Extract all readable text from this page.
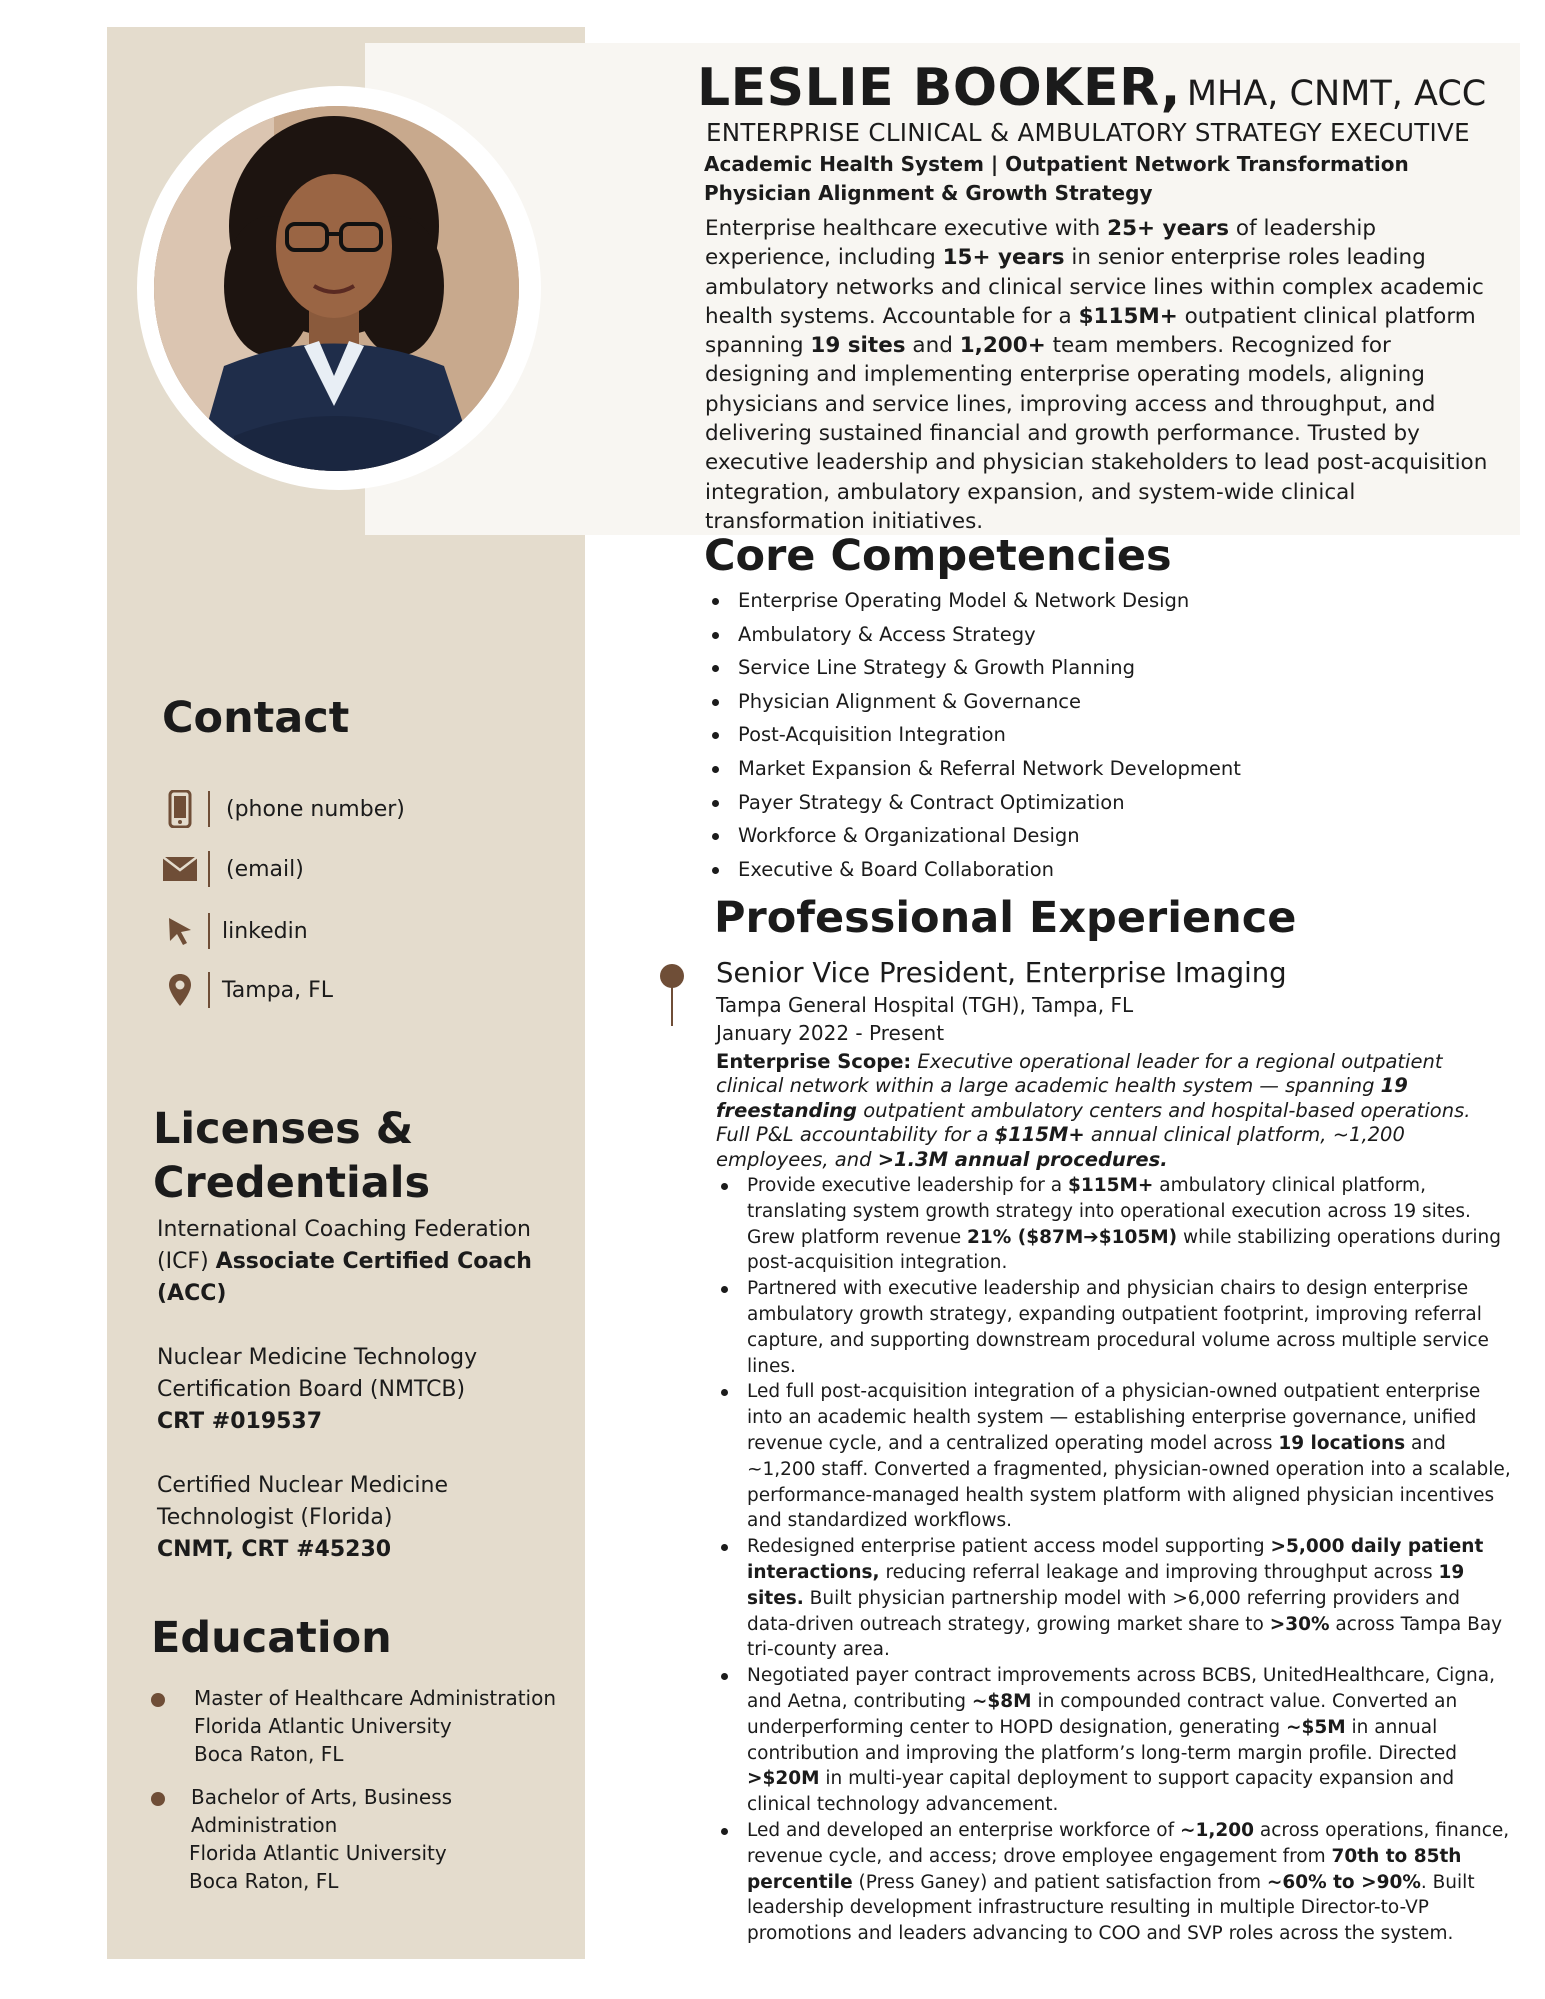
LESLIE BOOKER, MHA, CNMT, ACC
ENTERPRISE CLINICAL & AMBULATORY STRATEGY EXECUTIVE
Academic Health System | Outpatient Network Transformation
Physician Alignment & Growth Strategy
Enterprise healthcare executive with 25+ years of leadership experience, including 15+ years in senior enterprise roles leading ambulatory networks and clinical service lines within complex academic health systems. Accountable for a $115M+ outpatient clinical platform spanning 19 sites and 1,200+ team members. Recognized for designing and implementing enterprise operating models, aligning physicians and service lines, improving access and throughput, and delivering sustained financial and growth performance. Trusted by executive leadership and physician stakeholders to lead post-acquisition integration, ambulatory expansion, and system-wide clinical transformation initiatives.
Core Competencies
Enterprise Operating Model & Network Design
Ambulatory & Access Strategy
Service Line Strategy & Growth Planning
Physician Alignment & Governance
Post-Acquisition Integration
Market Expansion & Referral Network Development
Payer Strategy & Contract Optimization
Workforce & Organizational Design
Executive & Board Collaboration
Contact
(phone number)
(email)
linkedin
Tampa, FL
Licenses &
Credentials
International Coaching Federation (ICF) Associate Certified Coach (ACC)
Nuclear Medicine Technology Certification Board (NMTCB)
CRT #019537
Certified Nuclear Medicine Technologist (Florida)
CNMT, CRT #45230
Education
Master of Healthcare Administration
Florida Atlantic University
Boca Raton, FL
Bachelor of Arts, Business
Administration
Florida Atlantic University
Boca Raton, FL
Professional Experience
Senior Vice President, Enterprise Imaging
Tampa General Hospital (TGH), Tampa, FL
January 2022 - Present
Enterprise Scope: Executive operational leader for a regional outpatient clinical network within a large academic health system — spanning 19 freestanding outpatient ambulatory centers and hospital-based operations. Full P&L accountability for a $115M+ annual clinical platform, ~1,200 employees, and >1.3M annual procedures.
Provide executive leadership for a $115M+ ambulatory clinical platform, translating system growth strategy into operational execution across 19 sites. Grew platform revenue 21% ($87M➔$105M) while stabilizing operations during post-acquisition integration.
Partnered with executive leadership and physician chairs to design enterprise ambulatory growth strategy, expanding outpatient footprint, improving referral capture, and supporting downstream procedural volume across multiple service lines.
Led full post-acquisition integration of a physician-owned outpatient enterprise into an academic health system — establishing enterprise governance, unified revenue cycle, and a centralized operating model across 19 locations and ~1,200 staff. Converted a fragmented, physician-owned operation into a scalable, performance-managed health system platform with aligned physician incentives and standardized workflows.
Redesigned enterprise patient access model supporting >5,000 daily patient interactions, reducing referral leakage and improving throughput across 19 sites. Built physician partnership model with >6,000 referring providers and data-driven outreach strategy, growing market share to >30% across Tampa Bay tri-county area.
Negotiated payer contract improvements across BCBS, UnitedHealthcare, Cigna, and Aetna, contributing ~$8M in compounded contract value. Converted an underperforming center to HOPD designation, generating ~$5M in annual contribution and improving the platform’s long-term margin profile. Directed >$20M in multi-year capital deployment to support capacity expansion and clinical technology advancement.
Led and developed an enterprise workforce of ~1,200 across operations, finance, revenue cycle, and access; drove employee engagement from 70th to 85th percentile (Press Ganey) and patient satisfaction from ~60% to >90%. Built leadership development infrastructure resulting in multiple Director-to-VP promotions and leaders advancing to COO and SVP roles across the system.
